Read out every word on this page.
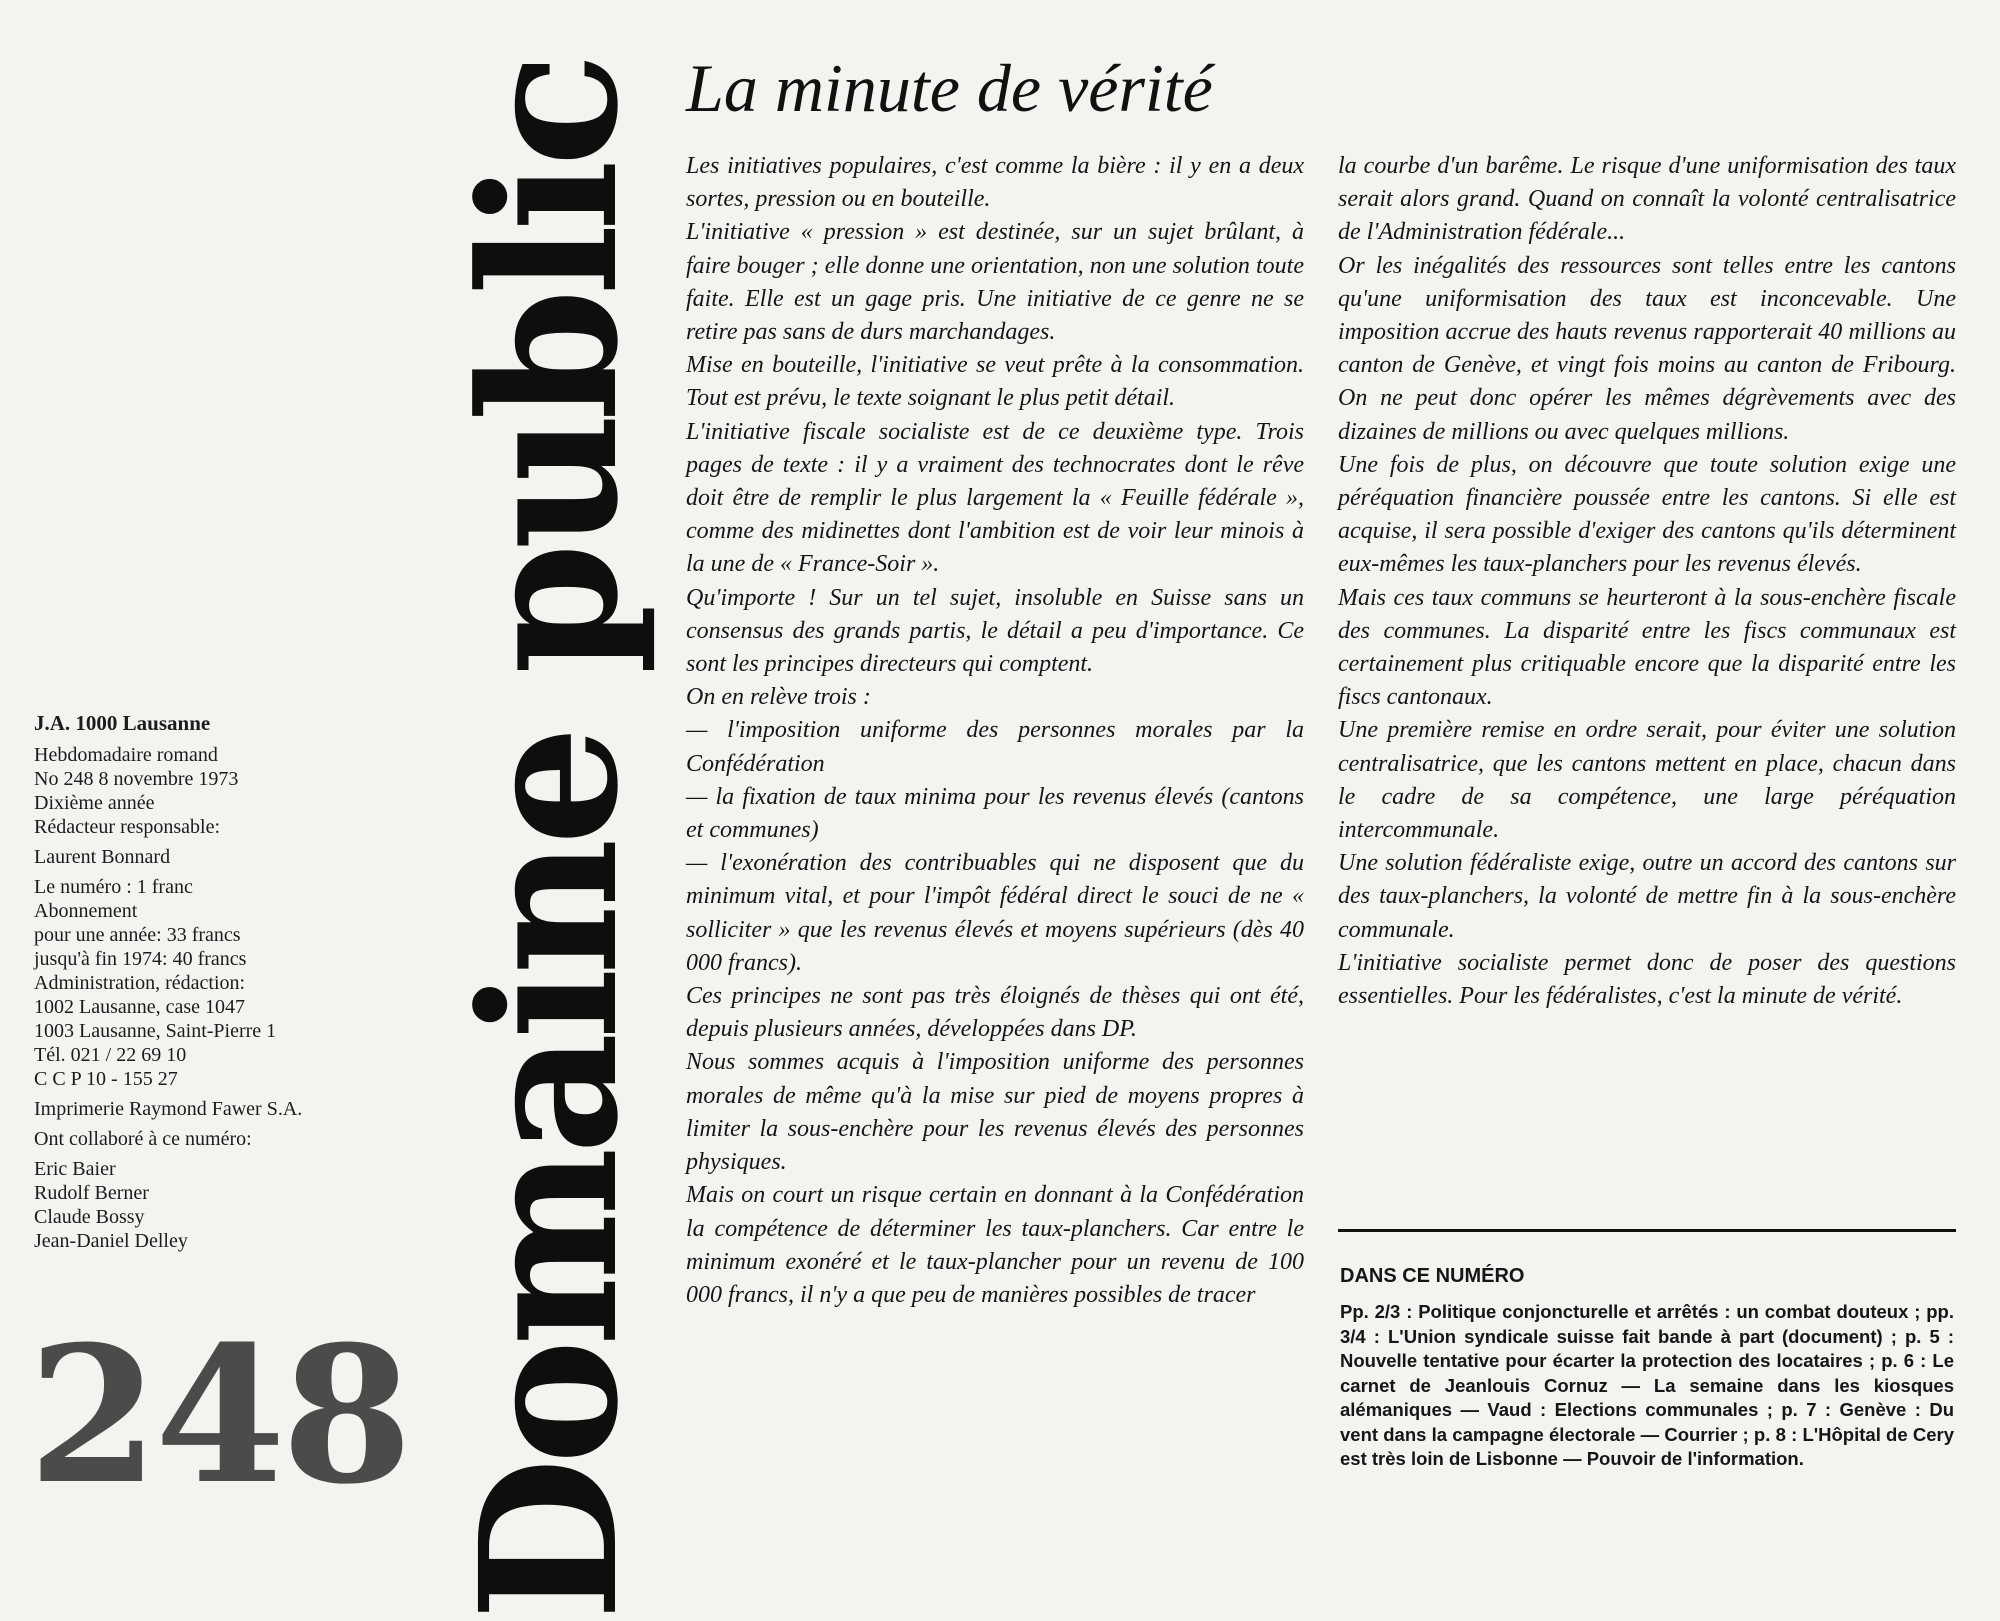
Domaine public
J.A. 1000 Lausanne
Hebdomadaire romand
No 248 8 novembre 1973
Dixième année
Rédacteur responsable:
Laurent Bonnard
Le numéro : 1 franc
Abonnement
pour une année: 33 francs
jusqu'à fin 1974: 40 francs
Administration, rédaction:
1002 Lausanne, case 1047
1003 Lausanne, Saint-Pierre 1
Tél. 021 / 22 69 10
C C P 10 - 155 27
Imprimerie Raymond Fawer S.A.
Ont collaboré à ce numéro:
Eric Baier
Rudolf Berner
Claude Bossy
Jean-Daniel Delley
248
La minute de vérité

Les initiatives populaires, c'est comme la bière : il y en a deux sortes, pression ou en bouteille.

L'initiative « pression » est destinée, sur un sujet brûlant, à faire bouger ; elle donne une orientation, non une solution toute faite. Elle est un gage pris. Une initiative de ce genre ne se retire pas sans de durs marchandages.

Mise en bouteille, l'initiative se veut prête à la consommation. Tout est prévu, le texte soignant le plus petit détail.

L'initiative fiscale socialiste est de ce deuxième type. Trois pages de texte : il y a vraiment des technocrates dont le rêve doit être de remplir le plus largement la « Feuille fédérale », comme des midinettes dont l'ambition est de voir leur minois à la une de « France-Soir ».

Qu'importe ! Sur un tel sujet, insoluble en Suisse sans un consensus des grands partis, le détail a peu d'importance. Ce sont les principes directeurs qui comptent.

On en relève trois :

— l'imposition uniforme des personnes morales par la Confédération

— la fixation de taux minima pour les revenus élevés (cantons et communes)

— l'exonération des contribuables qui ne disposent que du minimum vital, et pour l'impôt fédéral direct le souci de ne « solliciter » que les revenus élevés et moyens supérieurs (dès 40 000 francs).

Ces principes ne sont pas très éloignés de thèses qui ont été, depuis plusieurs années, développées dans DP.

Nous sommes acquis à l'imposition uniforme des personnes morales de même qu'à la mise sur pied de moyens propres à limiter la sous-enchère pour les revenus élevés des personnes physiques.

Mais on court un risque certain en donnant à la Confédération la compétence de déterminer les taux-planchers. Car entre le minimum exonéré et le taux-plancher pour un revenu de 100 000 francs, il n'y a que peu de manières possibles de tracer

la courbe d'un barême. Le risque d'une uniformisation des taux serait alors grand. Quand on connaît la volonté centralisatrice de l'Administration fédérale...

Or les inégalités des ressources sont telles entre les cantons qu'une uniformisation des taux est inconcevable. Une imposition accrue des hauts revenus rapporterait 40 millions au canton de Genève, et vingt fois moins au canton de Fribourg. On ne peut donc opérer les mêmes dégrèvements avec des dizaines de millions ou avec quelques millions.

Une fois de plus, on découvre que toute solution exige une péréquation financière poussée entre les cantons. Si elle est acquise, il sera possible d'exiger des cantons qu'ils déterminent eux-mêmes les taux-planchers pour les revenus élevés.

Mais ces taux communs se heurteront à la sous-enchère fiscale des communes. La disparité entre les fiscs communaux est certainement plus critiquable encore que la disparité entre les fiscs cantonaux.

Une première remise en ordre serait, pour éviter une solution centralisatrice, que les cantons mettent en place, chacun dans le cadre de sa compétence, une large péréquation intercommunale.

Une solution fédéraliste exige, outre un accord des cantons sur des taux-planchers, la volonté de mettre fin à la sous-enchère communale.

L'initiative socialiste permet donc de poser des questions essentielles. Pour les fédéralistes, c'est la minute de vérité.

DANS CE NUMÉRO
Pp. 2/3 : Politique conjoncturelle et arrêtés : un combat douteux ; pp. 3/4 : L'Union syndicale suisse fait bande à part (document) ; p. 5 : Nouvelle tentative pour écarter la protection des locataires ; p. 6 : Le carnet de Jeanlouis Cornuz — La semaine dans les kiosques alémaniques — Vaud : Elections communales ; p. 7 : Genève : Du vent dans la campagne électorale — Courrier ; p. 8 : L'Hôpital de Cery est très loin de Lisbonne — Pouvoir de l'information.
